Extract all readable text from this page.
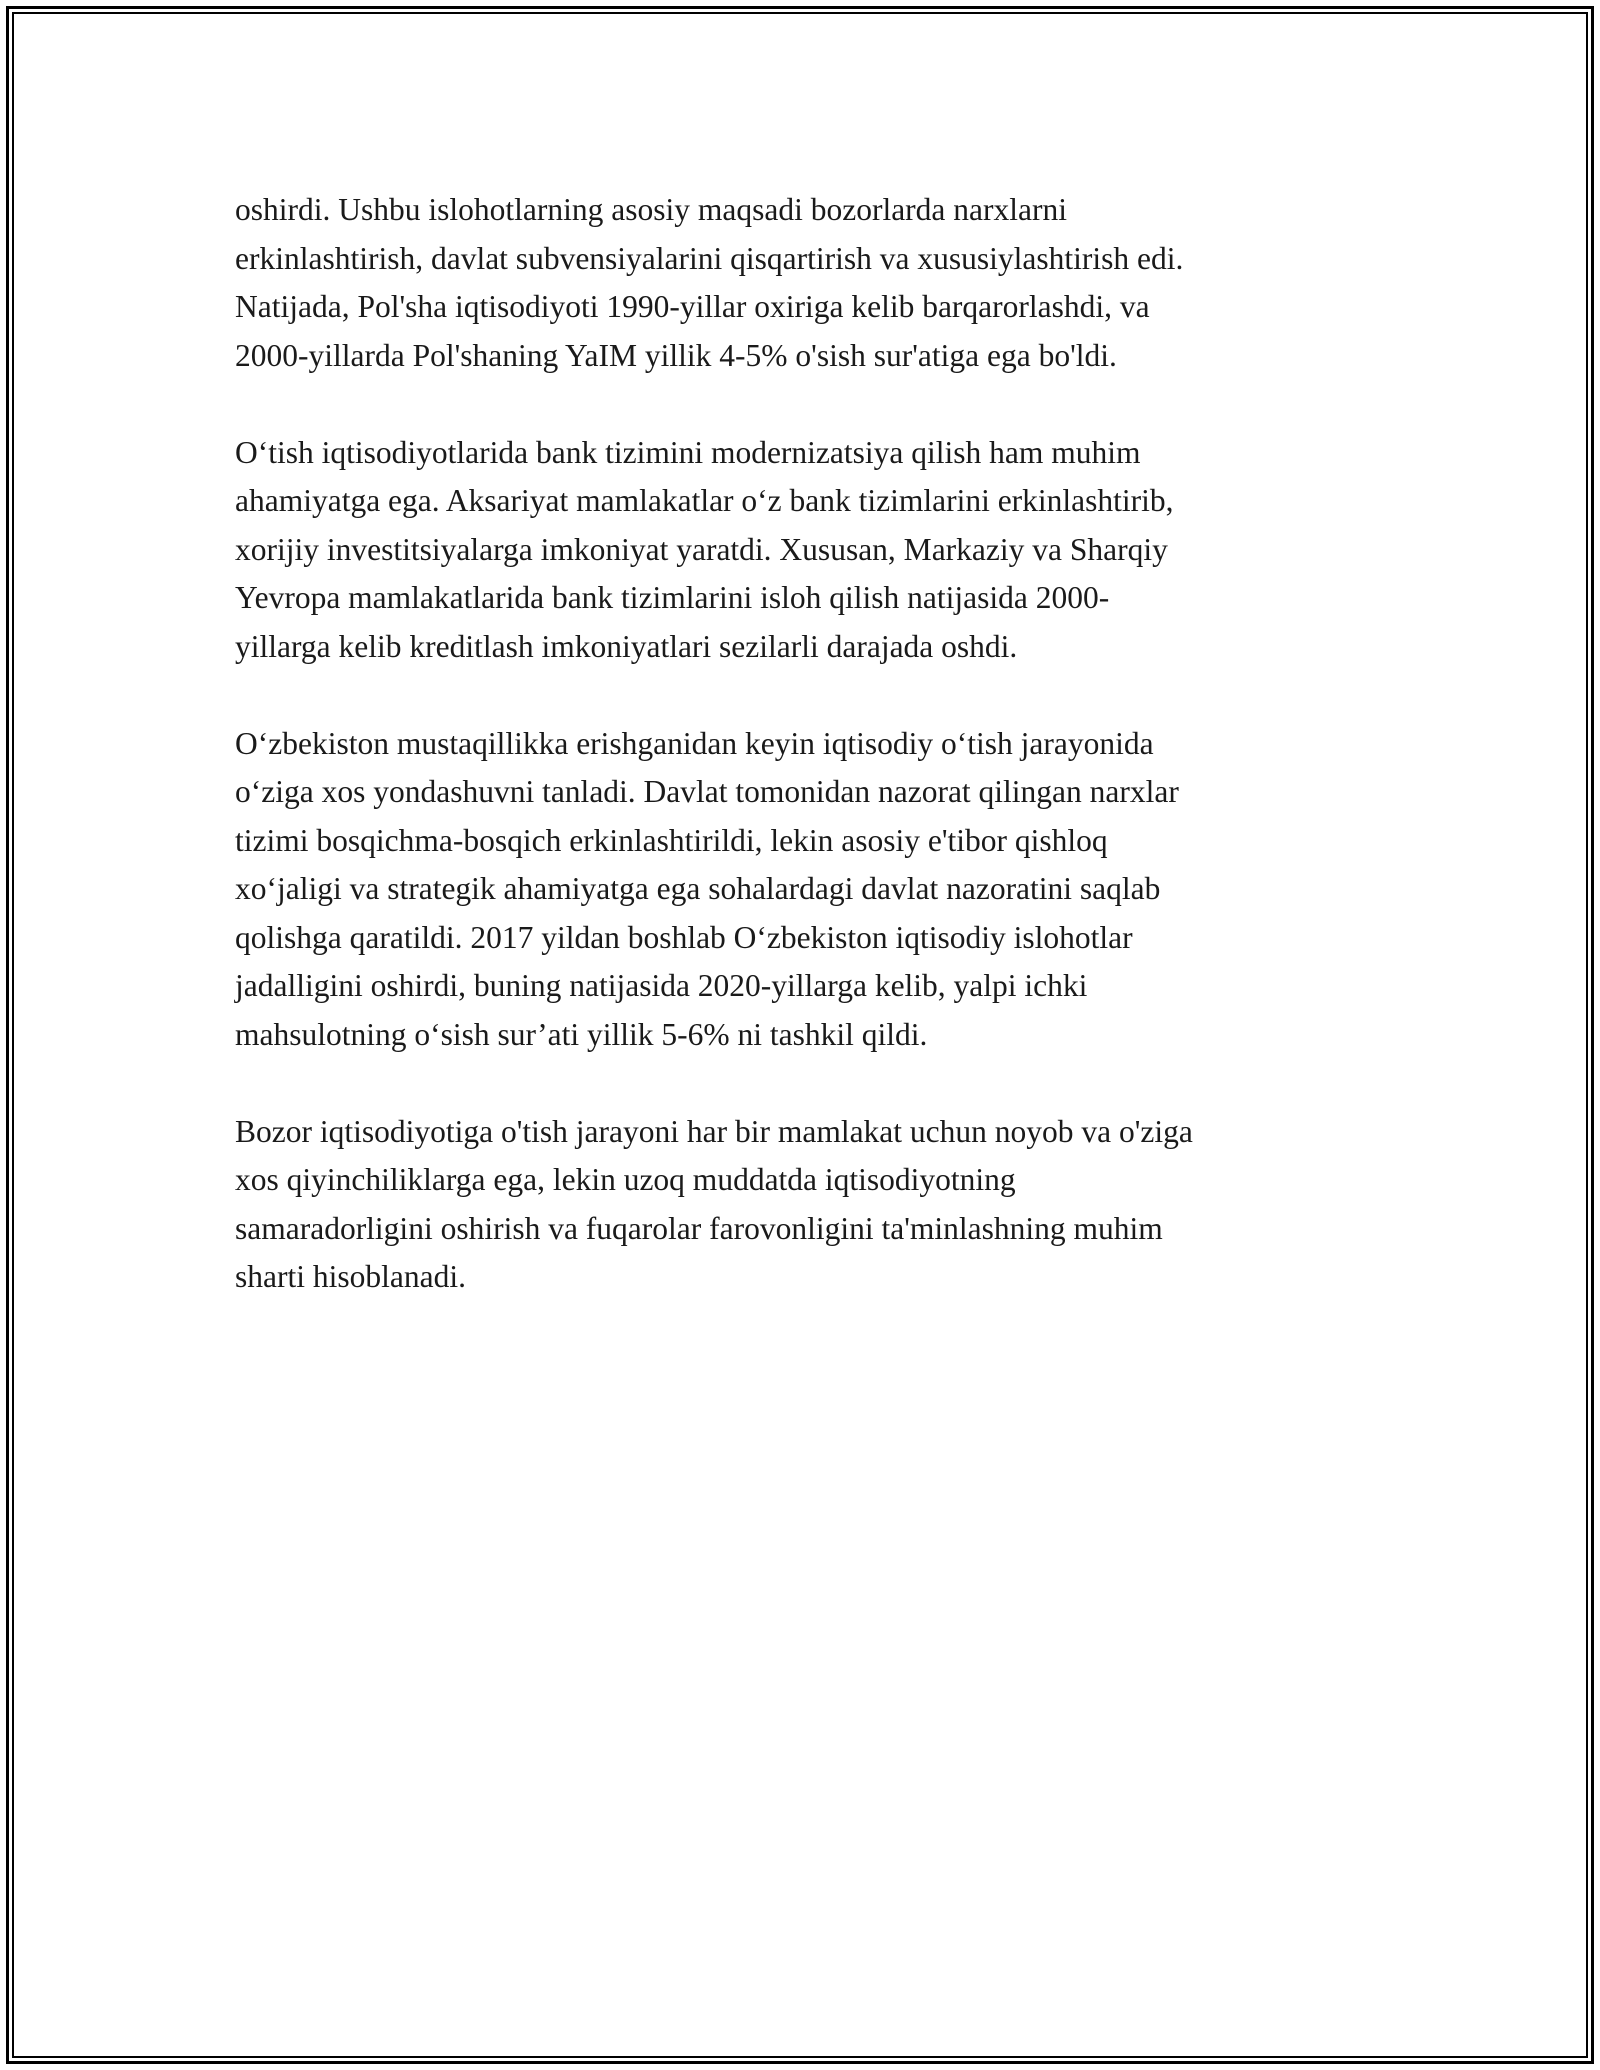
oshirdi. Ushbu islohotlarning asosiy maqsadi bozorlarda narxlarni
erkinlashtirish, davlat subvensiyalarini qisqartirish va xususiylashtirish edi.
Natijada, Pol'sha iqtisodiyoti 1990-yillar oxiriga kelib barqarorlashdi, va
2000-yillarda Pol'shaning YaIM yillik 4-5% o'sish sur'atiga ega bo'ldi.

O‘tish iqtisodiyotlarida bank tizimini modernizatsiya qilish ham muhim
ahamiyatga ega. Aksariyat mamlakatlar o‘z bank tizimlarini erkinlashtirib,
xorijiy investitsiyalarga imkoniyat yaratdi. Xususan, Markaziy va Sharqiy
Yevropa mamlakatlarida bank tizimlarini isloh qilish natijasida 2000-
yillarga kelib kreditlash imkoniyatlari sezilarli darajada oshdi.

O‘zbekiston mustaqillikka erishganidan keyin iqtisodiy o‘tish jarayonida
o‘ziga xos yondashuvni tanladi. Davlat tomonidan nazorat qilingan narxlar
tizimi bosqichma-bosqich erkinlashtirildi, lekin asosiy e'tibor qishloq
xo‘jaligi va strategik ahamiyatga ega sohalardagi davlat nazoratini saqlab
qolishga qaratildi. 2017 yildan boshlab O‘zbekiston iqtisodiy islohotlar
jadalligini oshirdi, buning natijasida 2020-yillarga kelib, yalpi ichki
mahsulotning o‘sish sur’ati yillik 5-6% ni tashkil qildi.

Bozor iqtisodiyotiga o'tish jarayoni har bir mamlakat uchun noyob va o'ziga
xos qiyinchiliklarga ega, lekin uzoq muddatda iqtisodiyotning
samaradorligini oshirish va fuqarolar farovonligini ta'minlashning muhim
sharti hisoblanadi.
